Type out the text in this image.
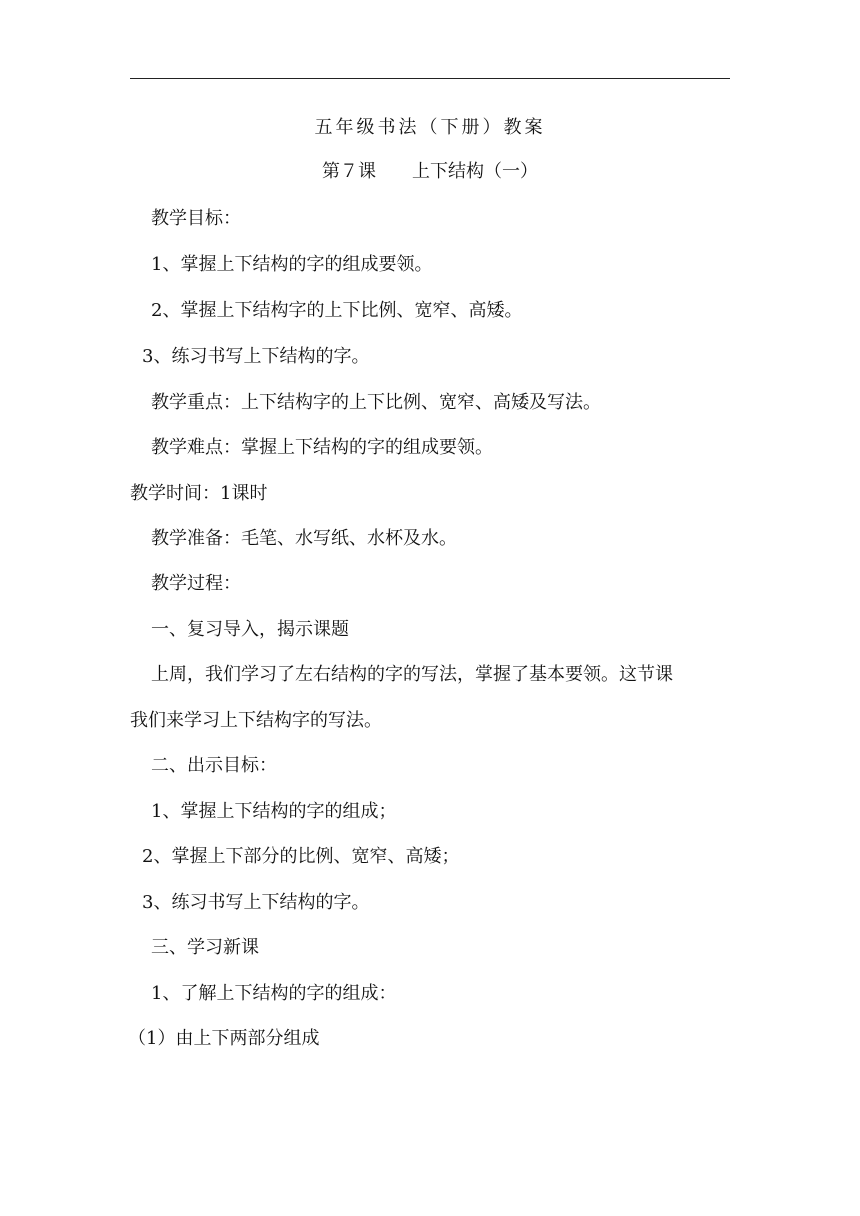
五年级书法（下册）教案
第７课　　上下结构（一）
教学目标：
1、掌握上下结构的字的组成要领。
2、掌握上下结构字的上下比例、宽窄、高矮。
3、练习书写上下结构的字。
教学重点：上下结构字的上下比例、宽窄、高矮及写法。
教学难点：掌握上下结构的字的组成要领。
教学时间：1课时
教学准备：毛笔、水写纸、水杯及水。
教学过程：
一、复习导入，揭示课题
上周，我们学习了左右结构的字的写法，掌握了基本要领。这节课
我们来学习上下结构字的写法。
二、出示目标：
1、掌握上下结构的字的组成；
2、掌握上下部分的比例、宽窄、高矮；
3、练习书写上下结构的字。
三、学习新课
1、了解上下结构的字的组成：
（1）由上下两部分组成
